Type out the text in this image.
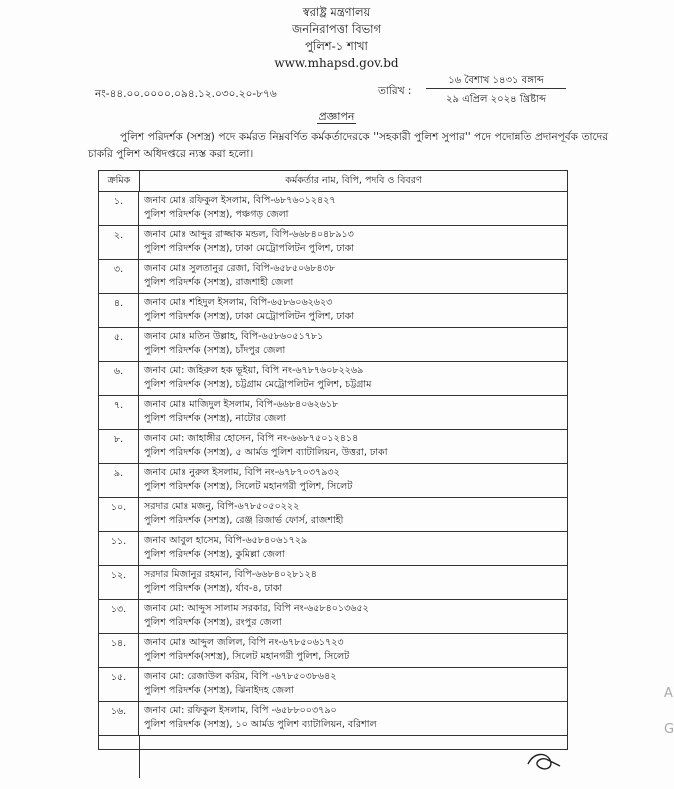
স্বরাষ্ট্র মন্ত্রণালয়
জননিরাপত্তা বিভাগ
পুলিশ-১ শাখা
www.mhapsd.gov.bd
নং-৪৪.০০.০০০০.০৯৪.১২.০৩০.২০-৮৭৬	তারিখ :
১৬ বৈশাখ ১৪৩১ বঙ্গাব্দ
২৯ এপ্রিল ২০২৪ খ্রিষ্টাব্দ
প্রজ্ঞাপন
পুলিশ পরিদর্শক (সশস্ত্র) পদে কর্মরত নিম্নবর্ণিত কর্মকর্তাদেরকে ''সহকারী পুলিশ সুপার'' পদে পদোন্নতি প্রদানপূর্বক তাদের চাকরি পুলিশ অধিদপ্তরে ন্যস্ত করা হলো।
ক্রমিক	কর্মকর্তার নাম, বিপি, পদবি ও বিবরণ
১.	জনাব মোঃ রফিকুল ইসলাম, বিপি-৬৮৭৬০১২৪২৭
পুলিশ পরিদর্শক (সশস্ত্র), পঞ্চগড় জেলা
২.	জনাব মোঃ আব্দুর রাজ্জাক মন্ডল, বিপি-৬৬৮৪০৪৮৯১৩
পুলিশ পরিদর্শক (সশস্ত্র), ঢাকা মেট্রোপলিটন পুলিশ, ঢাকা
৩.	জনাব মোঃ সুলতানুর রেজা, বিপি-৬৫৮৫০৬৮৪৩৮
পুলিশ পরিদর্শক (সশস্ত্র), রাজশাহী জেলা
৪.	জনাব মোঃ শহিদুল ইসলাম, বিপি-৬৫৮৬০৬২৬২৩
পুলিশ পরিদর্শক (সশস্ত্র), ঢাকা মেট্রোপলিটন পুলিশ, ঢাকা
৫.	জনাব মোঃ মতিন উল্লাহ, বিপি-৬৫৮৬০৫১৭৮১
পুলিশ পরিদর্শক (সশস্ত্র), চাঁদপুর জেলা
৬.	জনাব মো: জহিরুল হক ভূইয়া, বিপি নং-৬৭৮৭৬০৮২২৬৯
পুলিশ পরিদর্শক (সশস্ত্র), চট্টগ্রাম মেট্রোপলিটন পুলিশ, চট্টগ্রাম
৭.	জনাব মোঃ মাজিদুল ইসলাম, বিপি-৬৬৮৪০৬২৬১৮
পুলিশ পরিদর্শক (সশস্ত্র), নাটোর জেলা
৮.	জনাব মো: জাহাঙ্গীর হোসেন, বিপি নং-৬৬৮৭৫০১২৪১৪
পুলিশ পরিদর্শক (সশস্ত্র), ৫ আর্মড পুলিশ ব্যাটালিয়ন, উত্তরা, ঢাকা
৯.	জনাব মোঃ নুরুল ইসলাম, বিপি নং-৬৭৮৭০৩৭৯৩২
পুলিশ পরিদর্শক (সশস্ত্র), সিলেট মহানগরী পুলিশ, সিলেট
১০.	সরদার মোঃ মজনু, বিপি-৬৭৮৫০৫০২২২
পুলিশ পরিদর্শক (সশস্ত্র), রেঞ্জ রিজার্ভ ফোর্স, রাজশাহী
১১.	জনাব আবুল হাসেম, বিপি-৬৫৮৪০৬১৭২৯
পুলিশ পরিদর্শক (সশস্ত্র), কুমিল্লা জেলা
১২.	সরদার মিজানুর রহমান, বিপি-৬৬৮৪০২৮১২৪
পুলিশ পরিদর্শক (সশস্ত্র), র্যাব-৪, ঢাকা
১৩.	জনাব মো: আব্দুস সালাম সরকার, বিপি নং-৬৫৮৪০১৩৬৫২
পুলিশ পরিদর্শক (সশস্ত্র), রংপুর জেলা
১৪.	জনাব মোঃ আব্দুল জলিল, বিপি নং-৬৭৮৫০৬১৭২৩
পুলিশ পরিদর্শক(সশস্ত্র), সিলেট মহানগরী পুলিশ, সিলেট
১৫.	জনাব মো: রেজাউল করিম, বিপি -৬৭৮৫০৩৮৬৪২
পুলিশ পরিদর্শক (সশস্ত্র), ঝিনাইদহ জেলা
১৬.	জনাব মো: রফিকুল ইসলাম, বিপি -৬৫৮৮০০৩৭৯০
পুলিশ পরিদর্শক (সশস্ত্র), ১০ আর্মড পুলিশ ব্যাটালিয়ন, বরিশাল
A
G
